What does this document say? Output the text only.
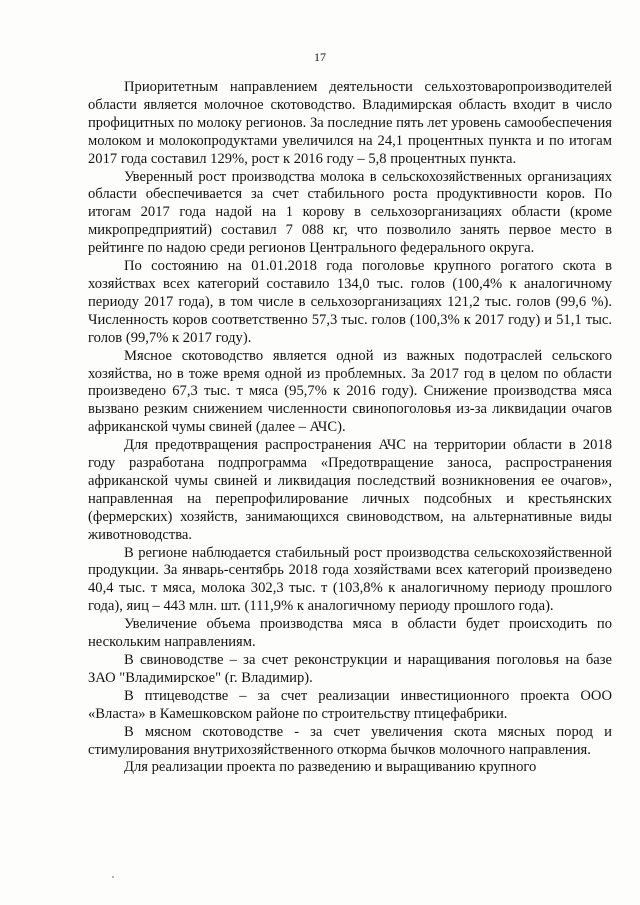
17

Приоритетным направлением деятельности сельхозтоваропроизводителей области является молочное скотоводство. Владимирская область входит в число профицитных по молоку регионов. За последние пять лет уровень самообеспечения молоком и молокопродуктами увеличился на 24,1 процентных пункта и по итогам 2017 года составил 129%, рост к 2016 году – 5,8 процентных пункта.

Уверенный рост производства молока в сельскохозяйственных организациях области обеспечивается за счет стабильного роста продуктивности коров. По итогам 2017 года надой на 1 корову в сельхозорганизациях области (кроме микропредприятий) составил 7 088 кг, что позволило занять первое место в рейтинге по надою среди регионов Центрального федерального округа.

По состоянию на 01.01.2018 года поголовье крупного рогатого скота в хозяйствах всех категорий составило 134,0 тыс. голов (100,4% к аналогичному периоду 2017 года), в том числе в сельхозорганизациях 121,2 тыс. голов (99,6 %). Численность коров соответственно 57,3 тыс. голов (100,3% к 2017 году) и 51,1 тыс. голов (99,7% к 2017 году).

Мясное скотоводство является одной из важных подотраслей сельского хозяйства, но в тоже время одной из проблемных. За 2017 год в целом по области произведено 67,3 тыс. т мяса (95,7% к 2016 году). Снижение производства мяса вызвано резким снижением численности свинопоголовья из-за ликвидации очагов африканской чумы свиней (далее – АЧС).

Для предотвращения распространения АЧС на территории области в 2018 году разработана подпрограмма «Предотвращение заноса, распространения африканской чумы свиней и ликвидация последствий возникновения ее очагов», направленная на перепрофилирование личных подсобных и крестьянских (фермерских) хозяйств, занимающихся свиноводством, на альтернативные виды животноводства.

В регионе наблюдается стабильный рост производства сельскохозяйственной продукции. За январь-сентябрь 2018 года хозяйствами всех категорий произведено 40,4 тыс. т мяса, молока 302,3 тыс. т (103,8% к аналогичному периоду прошлого года), яиц – 443 млн. шт. (111,9% к аналогичному периоду прошлого года).

Увеличение объема производства мяса в области будет происходить по нескольким направлениям.

В свиноводстве – за счет реконструкции и наращивания поголовья на базе ЗАО "Владимирское" (г. Владимир).

В птицеводстве – за счет реализации инвестиционного проекта ООО «Власта» в Камешковском районе по строительству птицефабрики.

В мясном скотоводстве - за счет увеличения скота мясных пород и стимулирования внутрихозяйственного откорма бычков молочного направления.

Для реализации проекта по разведению и выращиванию крупного
